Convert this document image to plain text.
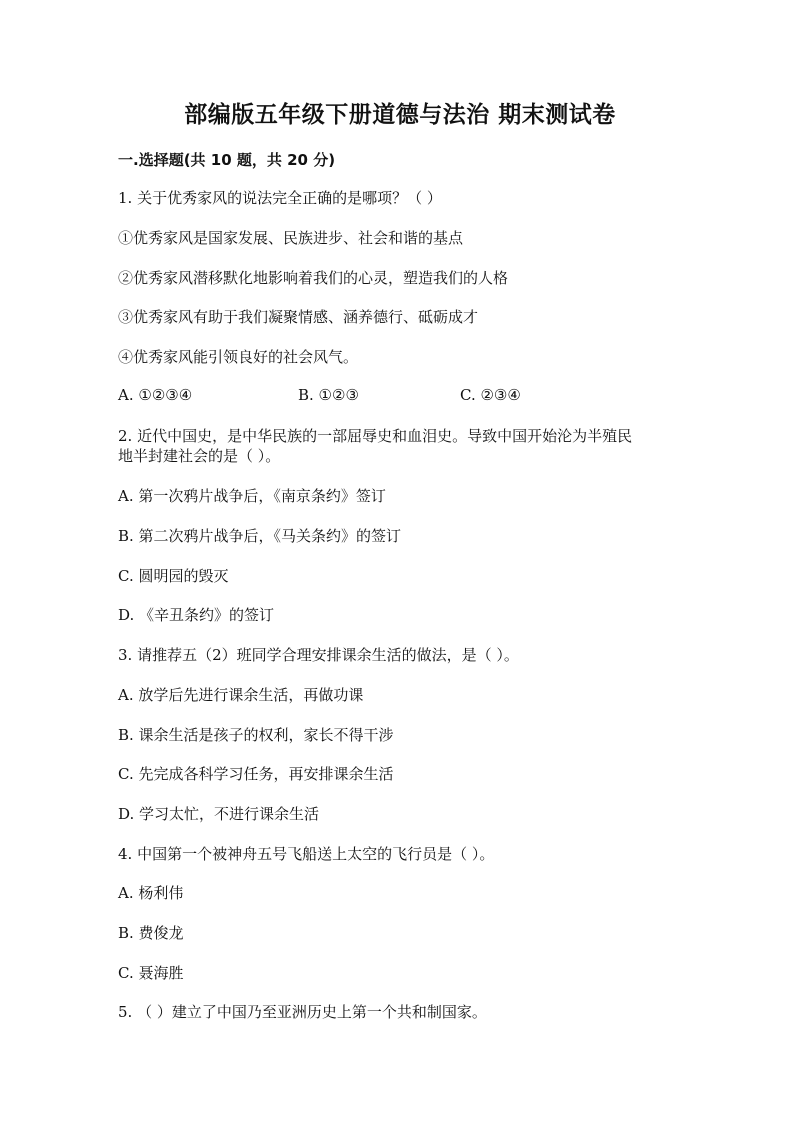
部编版五年级下册道德与法治 期末测试卷
一.选择题(共 10 题，共 20 分)
1. 关于优秀家风的说法完全正确的是哪项？（ ）
①优秀家风是国家发展、民族进步、社会和谐的基点
②优秀家风潜移默化地影响着我们的心灵，塑造我们的人格
③优秀家风有助于我们凝聚情感、涵养德行、砥砺成才
④优秀家风能引领良好的社会风气。
A. ①②③④	B. ①②③	C. ②③④
2. 近代中国史，是中华民族的一部屈辱史和血泪史。导致中国开始沦为半殖民
地半封建社会的是（ ）。
A. 第一次鸦片战争后，《南京条约》签订
B. 第二次鸦片战争后，《马关条约》的签订
C. 圆明园的毁灭
D. 《辛丑条约》的签订
3. 请推荐五（2）班同学合理安排课余生活的做法，是（ ）。
A. 放学后先进行课余生活，再做功课
B. 课余生活是孩子的权利，家长不得干涉
C. 先完成各科学习任务，再安排课余生活
D. 学习太忙，不进行课余生活
4. 中国第一个被神舟五号飞船送上太空的飞行员是（ ）。
A. 杨利伟
B. 费俊龙
C. 聂海胜
5. （ ）建立了中国乃至亚洲历史上第一个共和制国家。
